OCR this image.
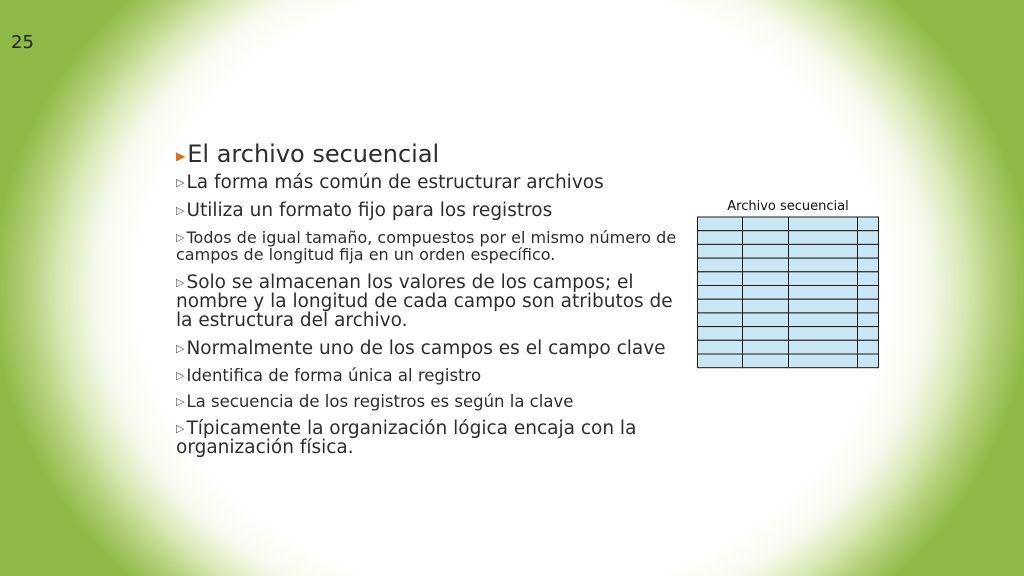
25

▶El archivo secuencial

▷ La forma más común de estructurar archivos

▷ Utiliza un formato fijo para los registros

▷ Todos de igual tamaño, compuestos por el mismo número de campos de longitud fija en un orden específico.

▷ Solo se almacenan los valores de los campos; el nombre y la longitud de cada campo son atributos de la estructura del archivo.

▷ Normalmente uno de los campos es el campo clave

▷ Identifica de forma única al registro

▷ La secuencia de los registros es según la clave

▷ Típicamente la organización lógica encaja con la organización física.

Archivo secuencial
